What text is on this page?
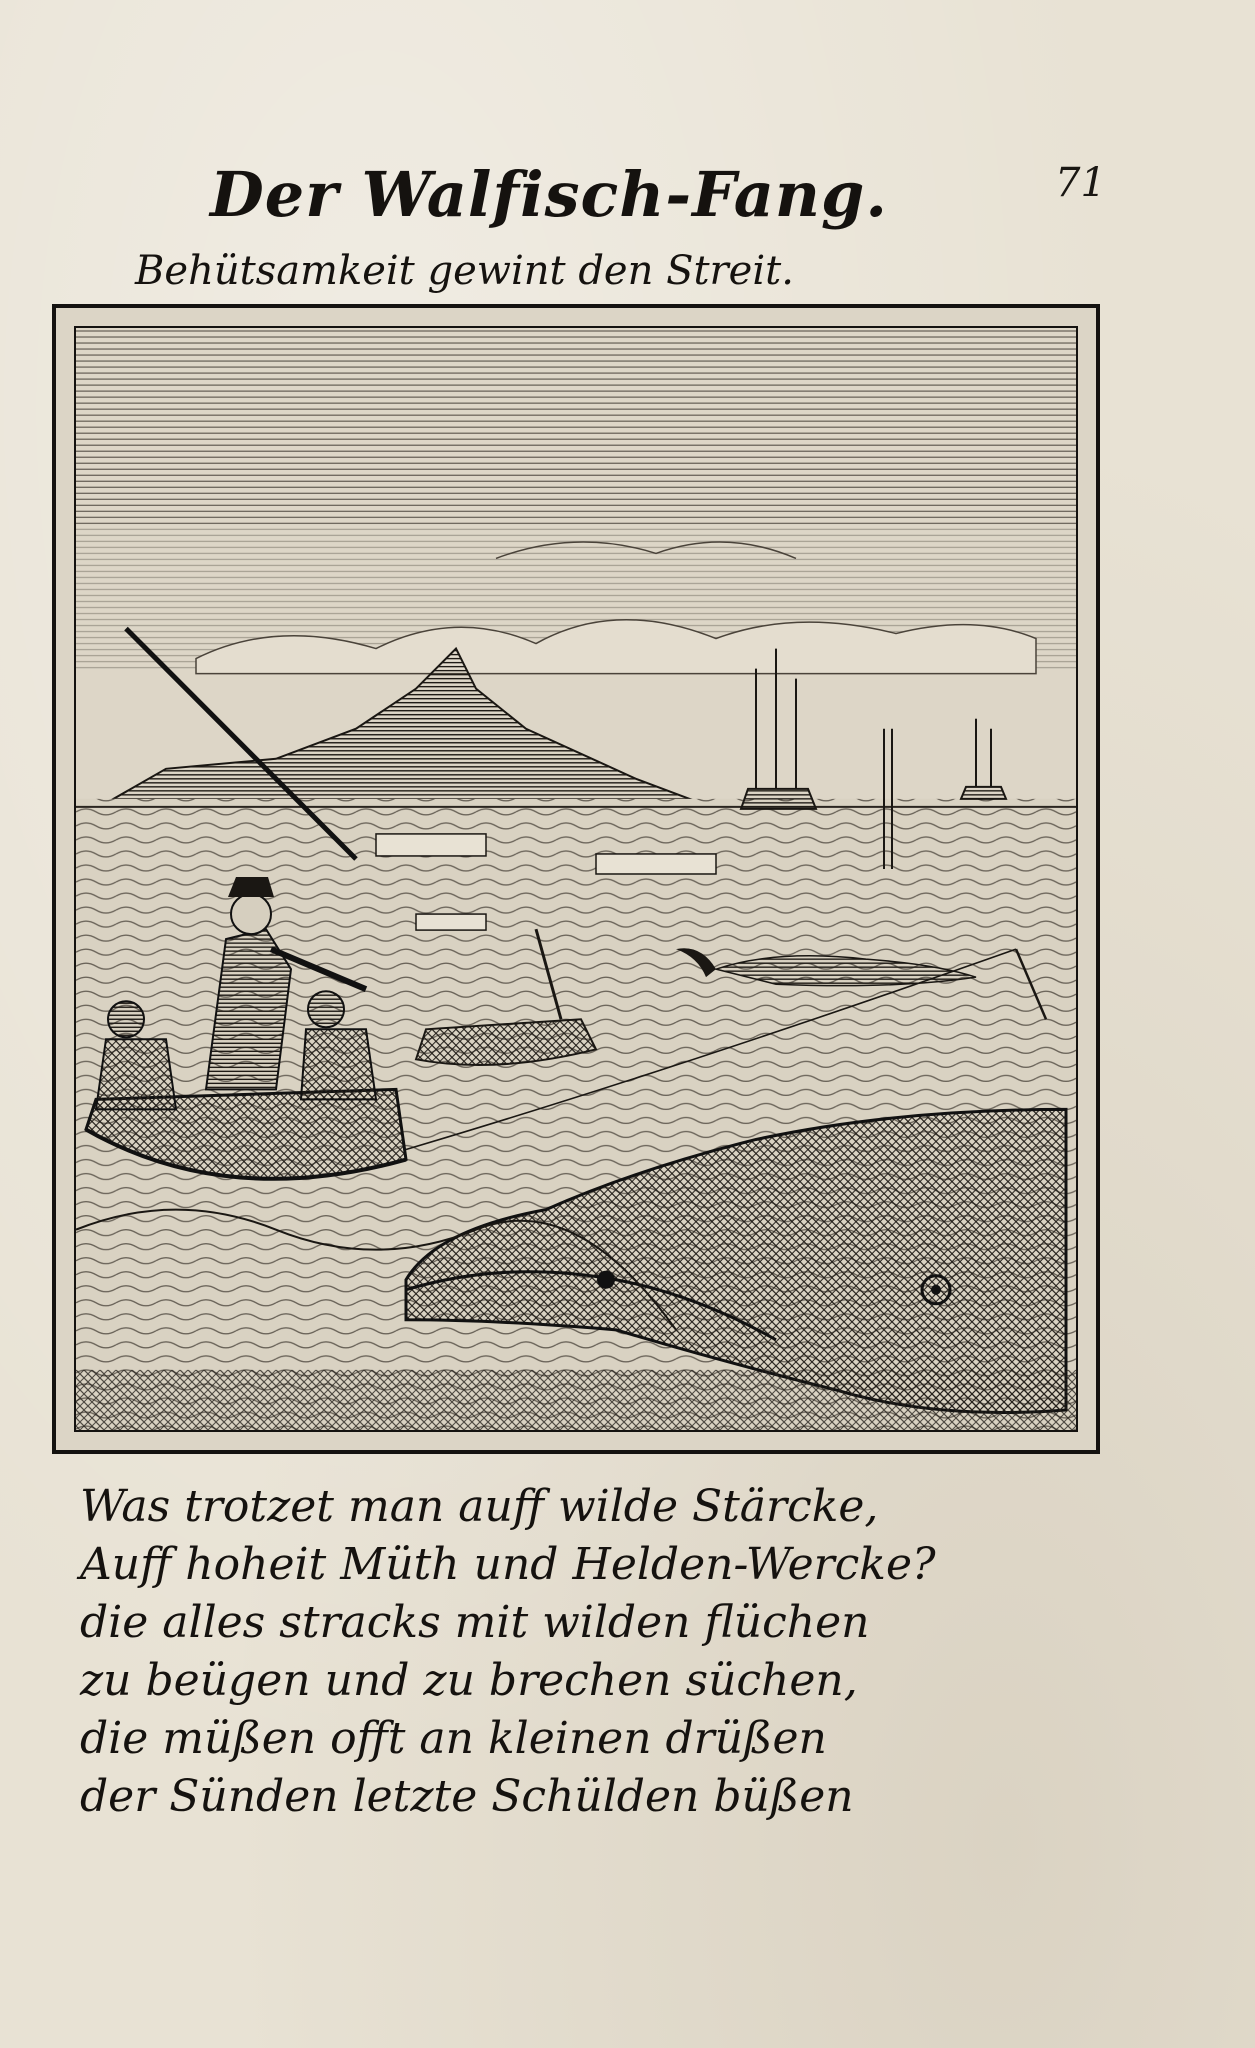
71
Der Walfisch-Fang.
Behütsamkeit gewint den Streit.
Was trotzet man auff wilde Stärcke,
Auff hoheit Müth und Helden-Wercke?
die alles stracks mit wilden flüchen
zu beügen und zu brechen süchen,
die müßen offt an kleinen drüßen
der Sünden letzte Schülden büßen
